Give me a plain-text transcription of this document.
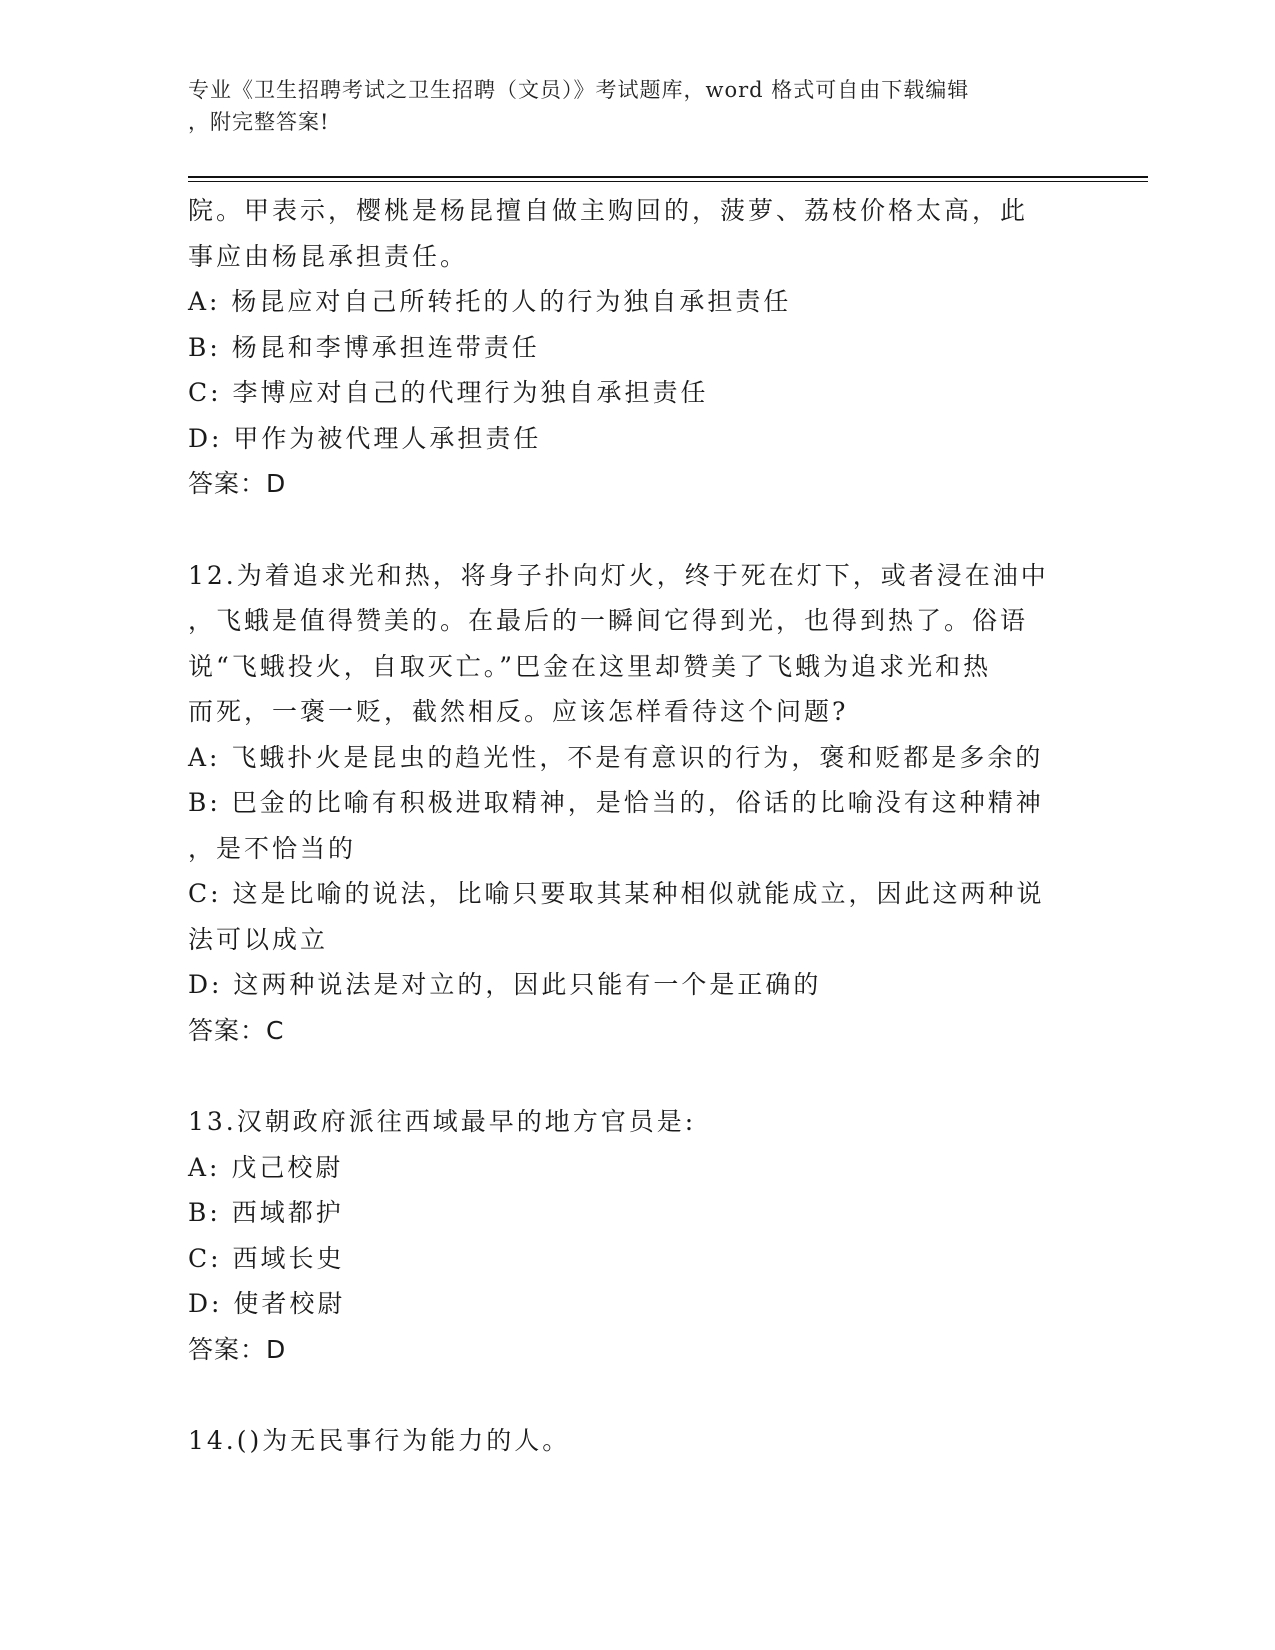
专业《卫生招聘考试之卫生招聘（文员）》考试题库，word 格式可自由下载编辑
，附完整答案!
院。甲表示，樱桃是杨昆擅自做主购回的，菠萝、荔枝价格太高，此
事应由杨昆承担责任。
A: 杨昆应对自己所转托的人的行为独自承担责任
B: 杨昆和李博承担连带责任
C: 李博应对自己的代理行为独自承担责任
D: 甲作为被代理人承担责任
答案：D
12.为着追求光和热，将身子扑向灯火，终于死在灯下，或者浸在油中
，飞蛾是值得赞美的。在最后的一瞬间它得到光，也得到热了。俗语
说“飞蛾投火，自取灭亡。”巴金在这里却赞美了飞蛾为追求光和热
而死，一褒一贬，截然相反。应该怎样看待这个问题?
A: 飞蛾扑火是昆虫的趋光性，不是有意识的行为，褒和贬都是多余的
B: 巴金的比喻有积极进取精神，是恰当的，俗话的比喻没有这种精神
，是不恰当的
C: 这是比喻的说法，比喻只要取其某种相似就能成立，因此这两种说
法可以成立
D: 这两种说法是对立的，因此只能有一个是正确的
答案：C
13.汉朝政府派往西域最早的地方官员是:
A: 戊己校尉
B: 西域都护
C: 西域长史
D: 使者校尉
答案：D
14.()为无民事行为能力的人。
